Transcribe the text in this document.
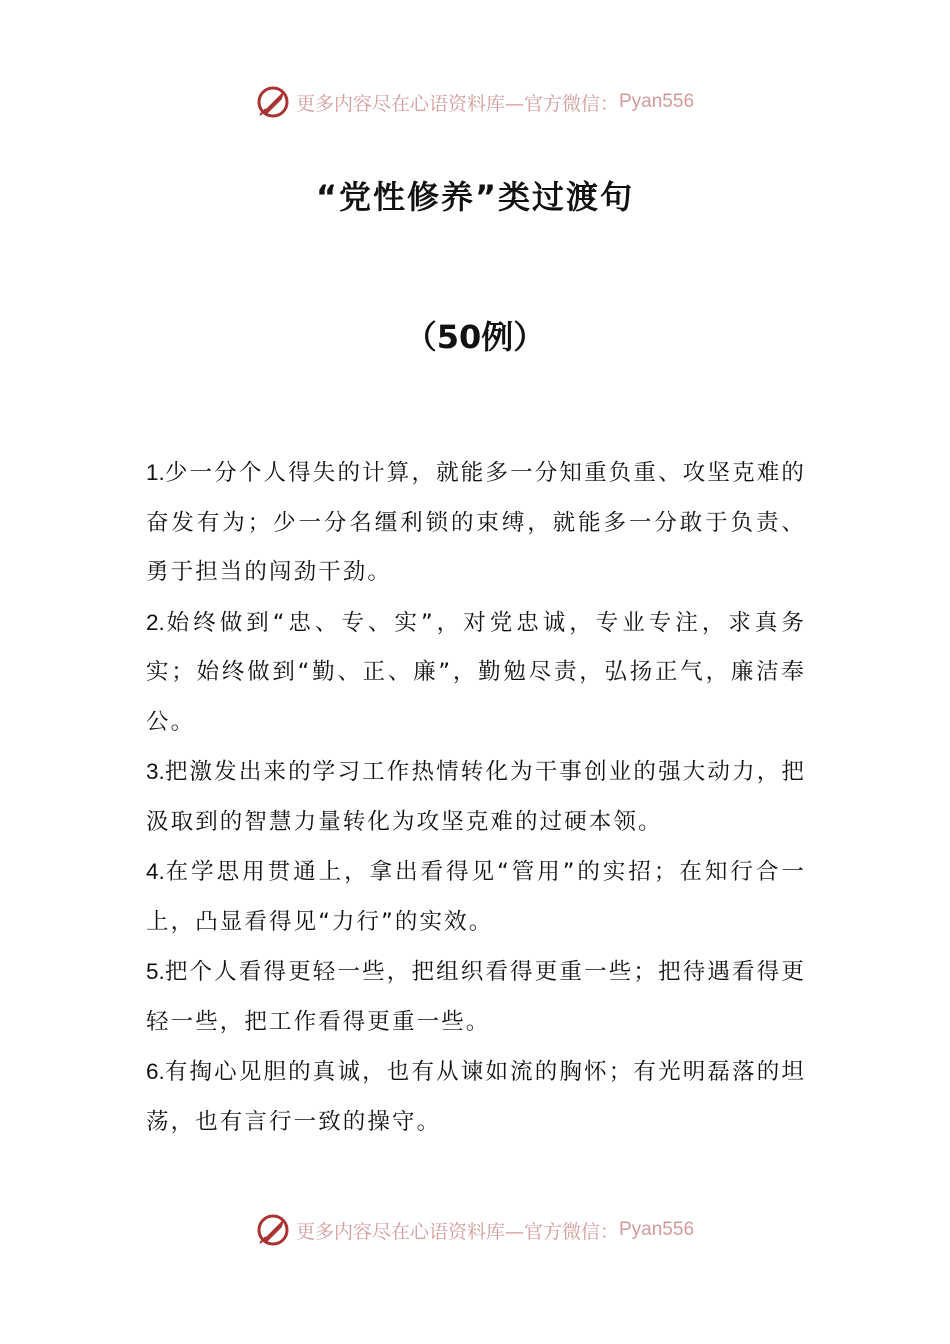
更多内容尽在心语资料库—官方微信： Pyan556
“党性修养”类过渡句
（50例）

1.少一分个人得失的计算，就能多一分知重负重、攻坚克难的奋发有为；少一分名缰利锁的束缚，就能多一分敢于负责、勇于担当的闯劲干劲。

2.始终做到“忠、专、实”，对党忠诚，专业专注，求真务实；始终做到“勤、正、廉”，勤勉尽责，弘扬正气，廉洁奉公。

3.把激发出来的学习工作热情转化为干事创业的强大动力，把汲取到的智慧力量转化为攻坚克难的过硬本领。

4.在学思用贯通上，拿出看得见“管用”的实招；在知行合一上，凸显看得见“力行”的实效。

5.把个人看得更轻一些，把组织看得更重一些；把待遇看得更轻一些，把工作看得更重一些。

6.有掏心见胆的真诚，也有从谏如流的胸怀；有光明磊落的坦荡，也有言行一致的操守。

更多内容尽在心语资料库—官方微信： Pyan556
